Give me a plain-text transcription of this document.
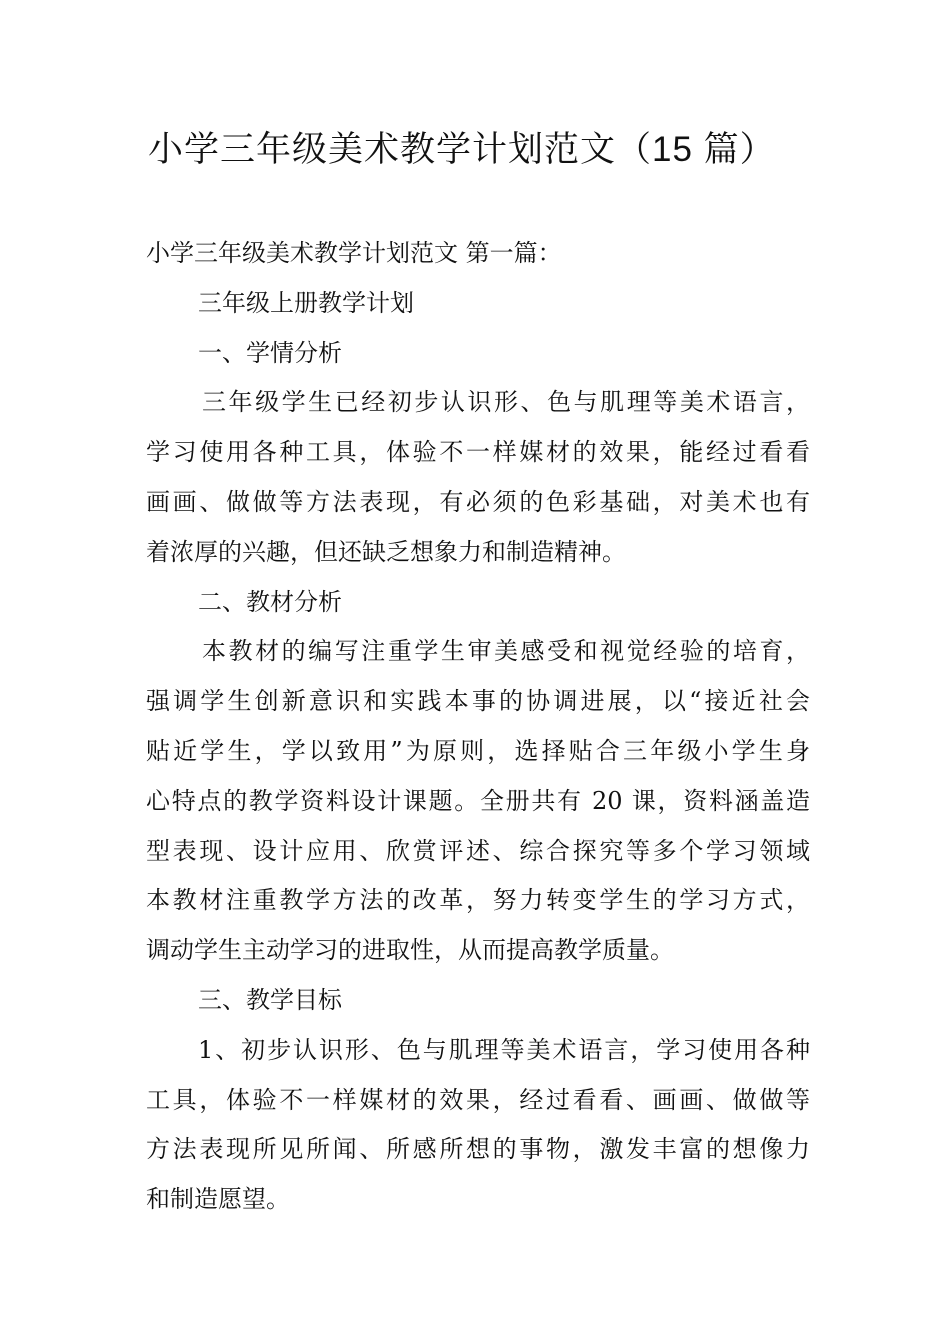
小学三年级美术教学计划范文（15 篇）
小学三年级美术教学计划范文 第一篇：
三年级上册教学计划
一、学情分析
三年级学生已经初步认识形、色与肌理等美术语言，
学习使用各种工具，体验不一样媒材的效果，能经过看看
画画、做做等方法表现，有必须的色彩基础，对美术也有
着浓厚的兴趣，但还缺乏想象力和制造精神。
二、教材分析
本教材的编写注重学生审美感受和视觉经验的培育，
强调学生创新意识和实践本事的协调进展，以“接近社会
贴近学生，学以致用”为原则，选择贴合三年级小学生身
心特点的教学资料设计课题。全册共有 20 课，资料涵盖造
型表现、设计应用、欣赏评述、综合探究等多个学习领域
本教材注重教学方法的改革，努力转变学生的学习方式，
调动学生主动学习的进取性，从而提高教学质量。
三、教学目标
1、初步认识形、色与肌理等美术语言，学习使用各种
工具，体验不一样媒材的效果，经过看看、画画、做做等
方法表现所见所闻、所感所想的事物，激发丰富的想像力
和制造愿望。
